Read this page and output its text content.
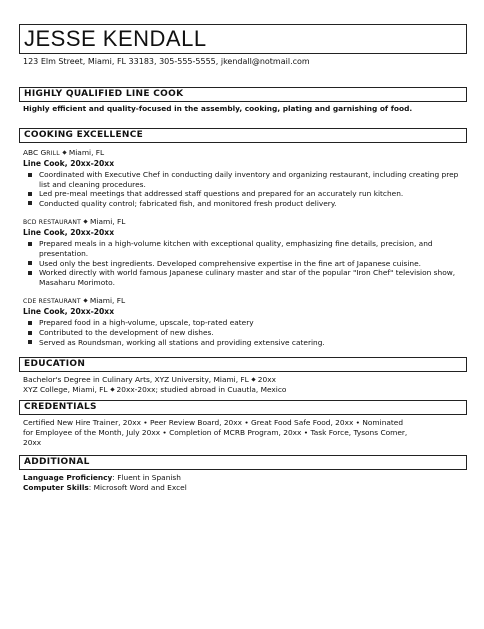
JESSE KENDALL
123 Elm Street, Miami, FL 33183, 305-555-5555, jkendall@notmail.com
HIGHLY QUALIFIED LINE COOK
Highly efficient and quality-focused in the assembly, cooking, plating and garnishing of food.
COOKING EXCELLENCE
ABC GRILL Miami, FL
Line Cook, 20xx-20xx
Coordinated with Executive Chef in conducting daily inventory and organizing restaurant, including creating prep list and cleaning procedures.
Led pre-meal meetings that addressed staff questions and prepared for an accurately run kitchen.
Conducted quality control; fabricated fish, and monitored fresh product delivery.
BCD RESTAURANT Miami, FL
Line Cook, 20xx-20xx
Prepared meals in a high-volume kitchen with exceptional quality, emphasizing fine details, precision, and presentation.
Used only the best ingredients. Developed comprehensive expertise in the fine art of Japanese cuisine.
Worked directly with world famous Japanese culinary master and star of the popular "Iron Chef" television show, Masaharu Morimoto.
CDE RESTAURANT Miami, FL
Line Cook, 20xx-20xx
Prepared food in a high-volume, upscale, top-rated eatery
Contributed to the development of new dishes.
Served as Roundsman, working all stations and providing extensive catering.
EDUCATION
Bachelor's Degree in Culinary Arts, XYZ University, Miami, FL 20xx
XYZ College, Miami, FL 20xx-20xx; studied abroad in Cuautla, Mexico
CREDENTIALS
Certified New Hire Trainer, 20xx • Peer Review Board, 20xx • Great Food Safe Food, 20xx • Nominated
for Employee of the Month, July 20xx • Completion of MCRB Program, 20xx • Task Force, Tysons Comer,
20xx
ADDITIONAL
Language Proficiency: Fluent in Spanish
Computer Skills: Microsoft Word and Excel
